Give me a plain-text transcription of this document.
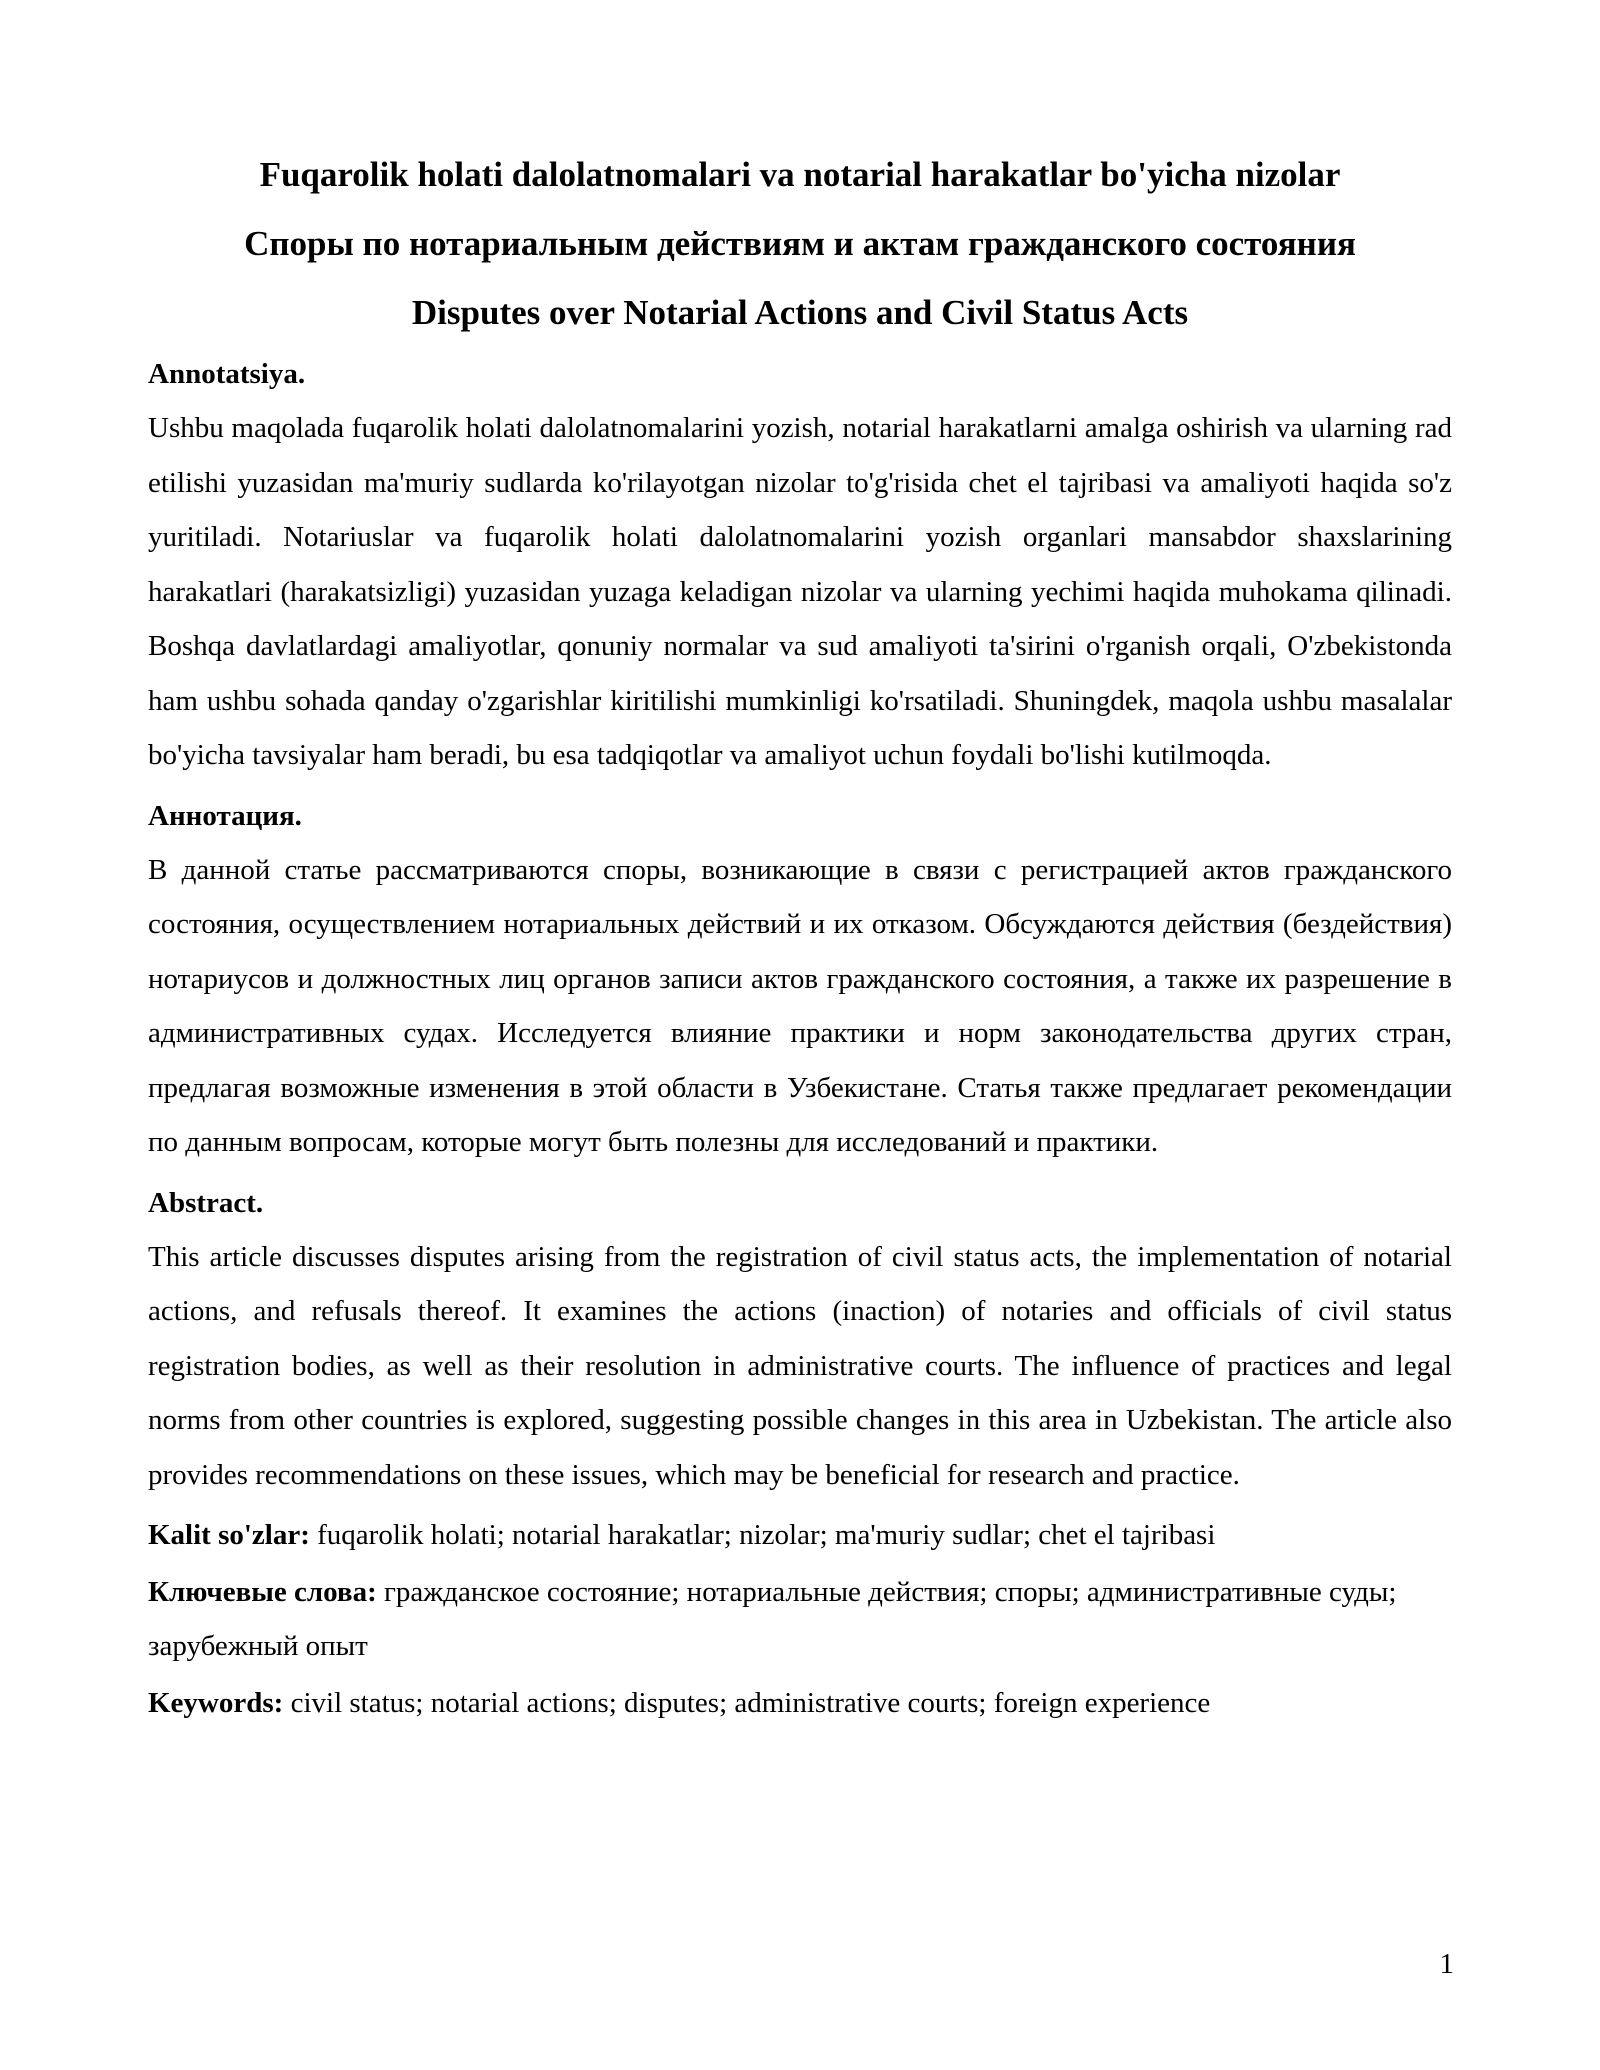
Fuqarolik holati dalolatnomalari va notarial harakatlar bo'yicha nizolar
Споры по нотариальным действиям и актам гражданского состояния
Disputes over Notarial Actions and Civil Status Acts

Annotatsiya.

Ushbu maqolada fuqarolik holati dalolatnomalarini yozish, notarial harakatlarni amalga oshirish va ularning rad etilishi yuzasidan ma'muriy sudlarda ko'rilayotgan nizolar to'g'risida chet el tajribasi va amaliyoti haqida so'z yuritiladi. Notariuslar va fuqarolik holati dalolatnomalarini yozish organlari mansabdor shaxslarining harakatlari (harakatsizligi) yuzasidan yuzaga keladigan nizolar va ularning yechimi haqida muhokama qilinadi. Boshqa davlatlardagi amaliyotlar, qonuniy normalar va sud amaliyoti ta'sirini o'rganish orqali, O'zbekistonda ham ushbu sohada qanday o'zgarishlar kiritilishi mumkinligi ko'rsatiladi. Shuningdek, maqola ushbu masalalar bo'yicha tavsiyalar ham beradi, bu esa tadqiqotlar va amaliyot uchun foydali bo'lishi kutilmoqda.

Аннотация.

В данной статье рассматриваются споры, возникающие в связи с регистрацией актов гражданского состояния, осуществлением нотариальных действий и их отказом. Обсуждаются действия (бездействия) нотариусов и должностных лиц органов записи актов гражданского состояния, а также их разрешение в административных судах. Исследуется влияние практики и норм законодательства других стран, предлагая возможные изменения в этой области в Узбекистане. Статья также предлагает рекомендации по данным вопросам, которые могут быть полезны для исследований и практики.

Abstract.

This article discusses disputes arising from the registration of civil status acts, the implementation of notarial actions, and refusals thereof. It examines the actions (inaction) of notaries and officials of civil status registration bodies, as well as their resolution in administrative courts. The influence of practices and legal norms from other countries is explored, suggesting possible changes in this area in Uzbekistan. The article also provides recommendations on these issues, which may be beneficial for research and practice.

Kalit so'zlar: fuqarolik holati; notarial harakatlar; nizolar; ma'muriy sudlar; chet el tajribasi

Ключевые слова: гражданское состояние; нотариальные действия; споры; административные суды; зарубежный опыт

Keywords: civil status; notarial actions; disputes; administrative courts; foreign experience

1
